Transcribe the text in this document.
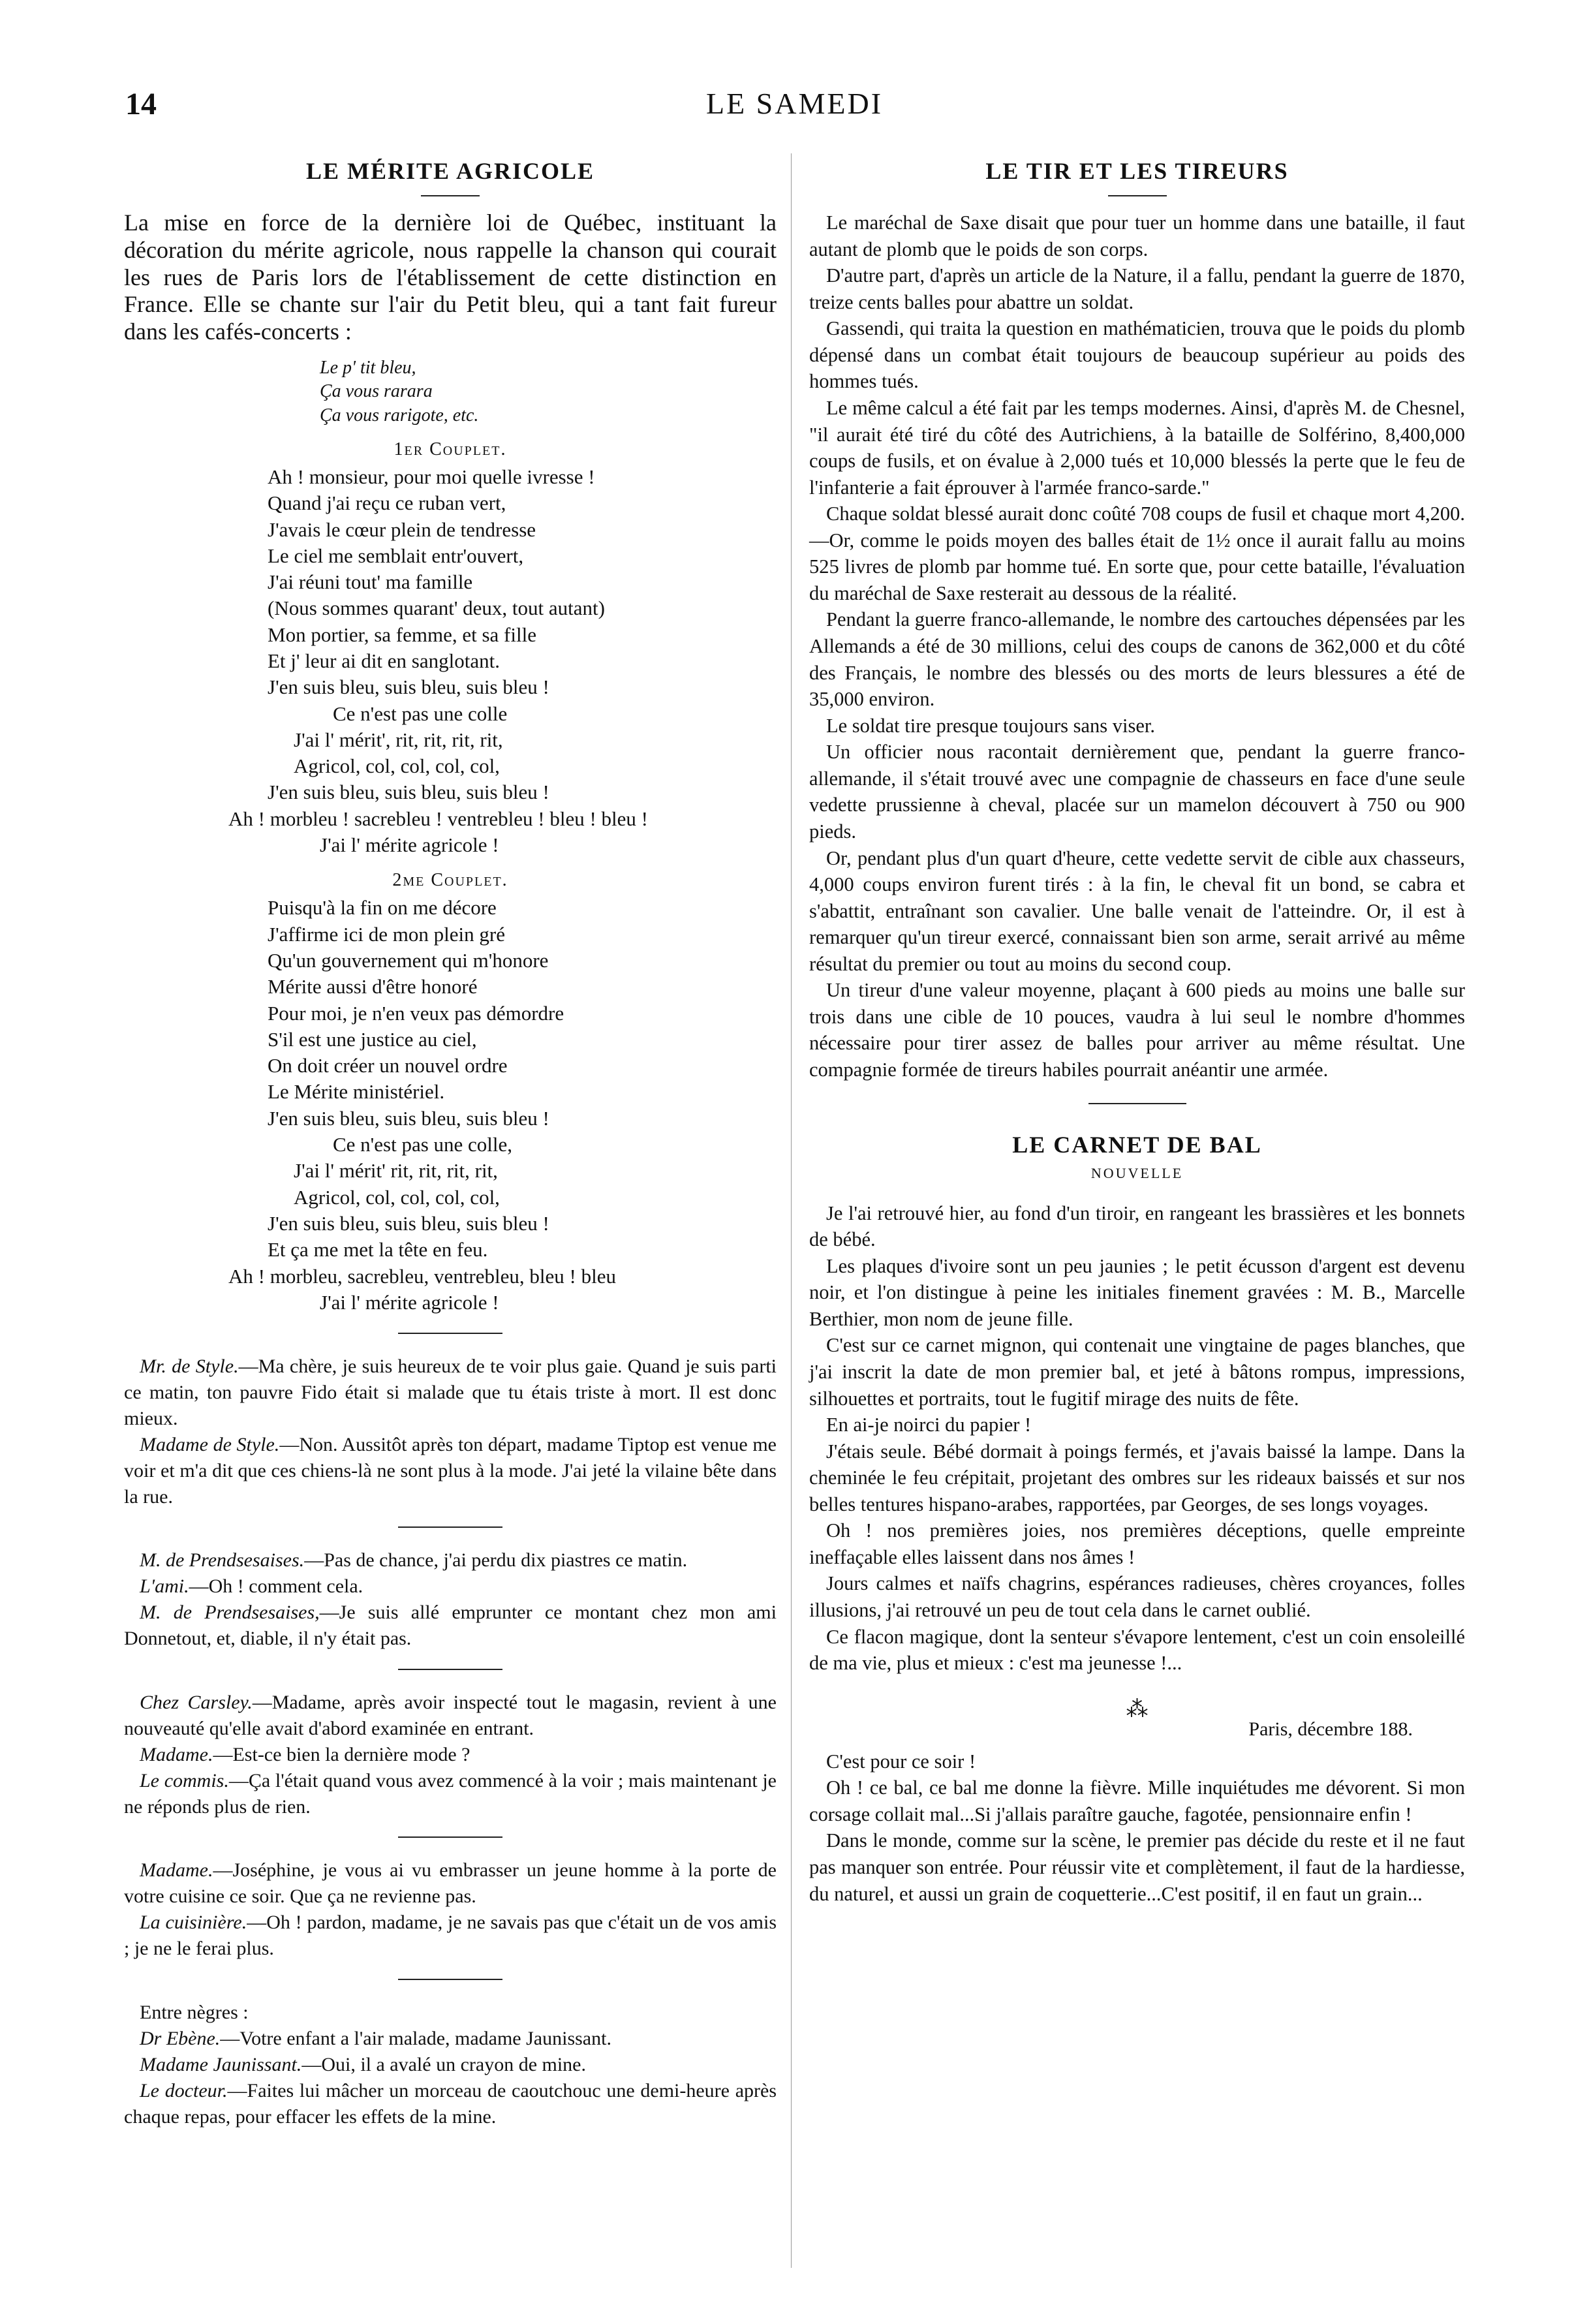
14	LE SAMEDI
LE MÉRITE AGRICOLE

La mise en force de la dernière loi de Québec, instituant la décoration du mérite agricole, nous rappelle la chanson qui courait les rues de Paris lors de l'établissement de cette distinction en France. Elle se chante sur l'air du Petit bleu, qui a tant fait fureur dans les cafés-concerts :

Le p' tit bleu,
Ça vous rarara
Ça vous rarigote, etc.
1er Couplet.
Ah ! monsieur, pour moi quelle ivresse !
Quand j'ai reçu ce ruban vert,
J'avais le cœur plein de tendresse
Le ciel me semblait entr'ouvert,
J'ai réuni tout' ma famille
(Nous sommes quarant' deux, tout autant)
Mon portier, sa femme, et sa fille
Et j' leur ai dit en sanglotant.
J'en suis bleu, suis bleu, suis bleu !
Ce n'est pas une colle
J'ai l' mérit', rit, rit, rit, rit,
Agricol, col, col, col, col,
J'en suis bleu, suis bleu, suis bleu !
Ah ! morbleu ! sacrebleu ! ventrebleu ! bleu ! bleu !
J'ai l' mérite agricole !
2me Couplet.
Puisqu'à la fin on me décore
J'affirme ici de mon plein gré
Qu'un gouvernement qui m'honore
Mérite aussi d'être honoré
Pour moi, je n'en veux pas démordre
S'il est une justice au ciel,
On doit créer un nouvel ordre
Le Mérite ministériel.
J'en suis bleu, suis bleu, suis bleu !
Ce n'est pas une colle,
J'ai l' mérit' rit, rit, rit, rit,
Agricol, col, col, col, col,
J'en suis bleu, suis bleu, suis bleu !
Et ça me met la tête en feu.
Ah ! morbleu, sacrebleu, ventrebleu, bleu ! bleu
J'ai l' mérite agricole !
Mr. de Style.—Ma chère, je suis heureux de te voir plus gaie. Quand je suis parti ce matin, ton pauvre Fido était si malade que tu étais triste à mort. Il est donc mieux.
Madame de Style.—Non. Aussitôt après ton départ, madame Tiptop est venue me voir et m'a dit que ces chiens-là ne sont plus à la mode. J'ai jeté la vilaine bête dans la rue.
M. de Prendsesaises.—Pas de chance, j'ai perdu dix piastres ce matin.
L'ami.—Oh ! comment cela.
M. de Prendsesaises,—Je suis allé emprunter ce montant chez mon ami Donnetout, et, diable, il n'y était pas.
Chez Carsley.—Madame, après avoir inspecté tout le magasin, revient à une nouveauté qu'elle avait d'abord examinée en entrant.
Madame.—Est-ce bien la dernière mode ?
Le commis.—Ça l'était quand vous avez commencé à la voir ; mais maintenant je ne réponds plus de rien.
Madame.—Joséphine, je vous ai vu embrasser un jeune homme à la porte de votre cuisine ce soir. Que ça ne revienne pas.
La cuisinière.—Oh ! pardon, madame, je ne savais pas que c'était un de vos amis ; je ne le ferai plus.
Entre nègres :
Dr Ebène.—Votre enfant a l'air malade, madame Jaunissant.
Madame Jaunissant.—Oui, il a avalé un crayon de mine.
Le docteur.—Faites lui mâcher un morceau de caoutchouc une demi-heure après chaque repas, pour effacer les effets de la mine.
LE TIR ET LES TIREURS

Le maréchal de Saxe disait que pour tuer un homme dans une bataille, il faut autant de plomb que le poids de son corps.

D'autre part, d'après un article de la Nature, il a fallu, pendant la guerre de 1870, treize cents balles pour abattre un soldat.

Gassendi, qui traita la question en mathématicien, trouva que le poids du plomb dépensé dans un combat était toujours de beaucoup supérieur au poids des hommes tués.

Le même calcul a été fait par les temps modernes. Ainsi, d'après M. de Chesnel, "il aurait été tiré du côté des Autrichiens, à la bataille de Solférino, 8,400,000 coups de fusils, et on évalue à 2,000 tués et 10,000 blessés la perte que le feu de l'infanterie a fait éprouver à l'armée franco-sarde."

Chaque soldat blessé aurait donc coûté 708 coups de fusil et chaque mort 4,200.—Or, comme le poids moyen des balles était de 1½ once il aurait fallu au moins 525 livres de plomb par homme tué. En sorte que, pour cette bataille, l'évaluation du maréchal de Saxe resterait au dessous de la réalité.

Pendant la guerre franco-allemande, le nombre des cartouches dépensées par les Allemands a été de 30 millions, celui des coups de canons de 362,000 et du côté des Français, le nombre des blessés ou des morts de leurs blessures a été de 35,000 environ.

Le soldat tire presque toujours sans viser.

Un officier nous racontait dernièrement que, pendant la guerre franco-allemande, il s'était trouvé avec une compagnie de chasseurs en face d'une seule vedette prussienne à cheval, placée sur un mamelon découvert à 750 ou 900 pieds.

Or, pendant plus d'un quart d'heure, cette vedette servit de cible aux chasseurs, 4,000 coups environ furent tirés : à la fin, le cheval fit un bond, se cabra et s'abattit, entraînant son cavalier. Une balle venait de l'atteindre. Or, il est à remarquer qu'un tireur exercé, connaissant bien son arme, serait arrivé au même résultat du premier ou tout au moins du second coup.

Un tireur d'une valeur moyenne, plaçant à 600 pieds au moins une balle sur trois dans une cible de 10 pouces, vaudra à lui seul le nombre d'hommes nécessaire pour tirer assez de balles pour arriver au même résultat. Une compagnie formée de tireurs habiles pourrait anéantir une armée.

LE CARNET DE BAL
NOUVELLE

Je l'ai retrouvé hier, au fond d'un tiroir, en rangeant les brassières et les bonnets de bébé.

Les plaques d'ivoire sont un peu jaunies ; le petit écusson d'argent est devenu noir, et l'on distingue à peine les initiales finement gravées : M. B., Marcelle Berthier, mon nom de jeune fille.

C'est sur ce carnet mignon, qui contenait une vingtaine de pages blanches, que j'ai inscrit la date de mon premier bal, et jeté à bâtons rompus, impressions, silhouettes et portraits, tout le fugitif mirage des nuits de fête.

En ai-je noirci du papier !

J'étais seule. Bébé dormait à poings fermés, et j'avais baissé la lampe. Dans la cheminée le feu crépitait, projetant des ombres sur les rideaux baissés et sur nos belles tentures hispano-arabes, rapportées, par Georges, de ses longs voyages.

Oh ! nos premières joies, nos premières déceptions, quelle empreinte ineffaçable elles laissent dans nos âmes !

Jours calmes et naïfs chagrins, espérances radieuses, chères croyances, folles illusions, j'ai retrouvé un peu de tout cela dans le carnet oublié.

Ce flacon magique, dont la senteur s'évapore lentement, c'est un coin ensoleillé de ma vie, plus et mieux : c'est ma jeunesse !...

⁂
Paris, décembre 188.

C'est pour ce soir !

Oh ! ce bal, ce bal me donne la fièvre. Mille inquiétudes me dévorent. Si mon corsage collait mal...Si j'allais paraître gauche, fagotée, pensionnaire enfin !

Dans le monde, comme sur la scène, le premier pas décide du reste et il ne faut pas manquer son entrée. Pour réussir vite et complètement, il faut de la hardiesse, du naturel, et aussi un grain de coquetterie...C'est positif, il en faut un grain...
